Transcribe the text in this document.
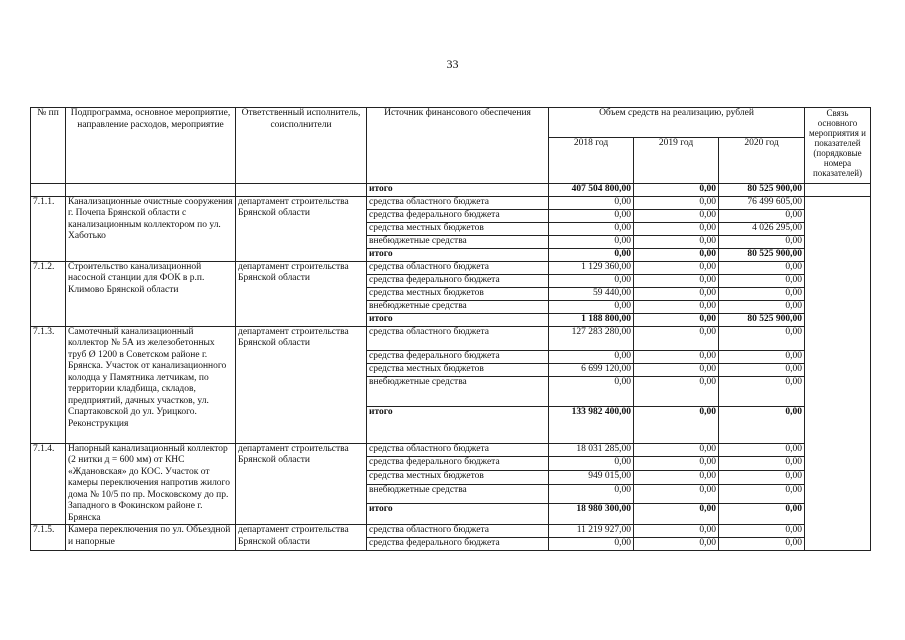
33
№ пп	Подпрограмма, основное мероприятие, направление расходов, мероприятие	Ответственный исполнитель, соисполнители	Источник финансового обеспечения	Объем средств на реализацию, рублей			Связь основного мероприятия и показателей (порядковые номера показателей)
				2018 год	2019 год	2020 год	
			итого	407 504 800,00	0,00	80 525 900,00	
7.1.1.	Канализационные очистные сооружения г. Почепа Брянской области с канализационным коллектором по ул. Хаботько	департамент строительства Брянской области	средства областного бюджета	0,00	0,00	76 499 605,00	
			средства федерального бюджета	0,00	0,00	0,00	
			средства местных бюджетов	0,00	0,00	4 026 295,00	
			внебюджетные средства	0,00	0,00	0,00	
			итого	0,00	0,00	80 525 900,00	
7.1.2.	Строительство канализационной насосной станции для ФОК в р.п. Климово Брянской области	департамент строительства Брянской области	средства областного бюджета	1 129 360,00	0,00	0,00	
			средства федерального бюджета	0,00	0,00	0,00	
			средства местных бюджетов	59 440,00	0,00	0,00	
			внебюджетные средства	0,00	0,00	0,00	
			итого	1 188 800,00	0,00	80 525 900,00	
7.1.3.	Самотечный канализационный коллектор № 5А из железобетонных труб Ø 1200 в Советском районе г. Брянска. Участок от канализационного колодца у Памятника летчикам, по территории кладбища, складов, предприятий, дачных участков, ул. Спартаковской до ул. Урицкого. Реконструкция	департамент строительства Брянской области	средства областного бюджета	127 283 280,00	0,00	0,00	
			средства федерального бюджета	0,00	0,00	0,00	
			средства местных бюджетов	6 699 120,00	0,00	0,00	
			внебюджетные средства	0,00	0,00	0,00	
			итого	133 982 400,00	0,00	0,00	
7.1.4.	Напорный канализационный коллектор (2 нитки д = 600 мм) от КНС «Ждановская» до КОС. Участок от камеры переключения напротив жилого дома № 10/5 по пр. Московскому до пр. Западного в Фокинском районе г. Брянска	департамент строительства Брянской области	средства областного бюджета	18 031 285,00	0,00	0,00	
			средства федерального бюджета	0,00	0,00	0,00	
			средства местных бюджетов	949 015,00	0,00	0,00	
			внебюджетные средства	0,00	0,00	0,00	
			итого	18 980 300,00	0,00	0,00	
7.1.5.	Камера переключения по ул. Объездной и напорные	департамент строительства Брянской области	средства областного бюджета	11 219 927,00	0,00	0,00	
			средства федерального бюджета	0,00	0,00	0,00	
